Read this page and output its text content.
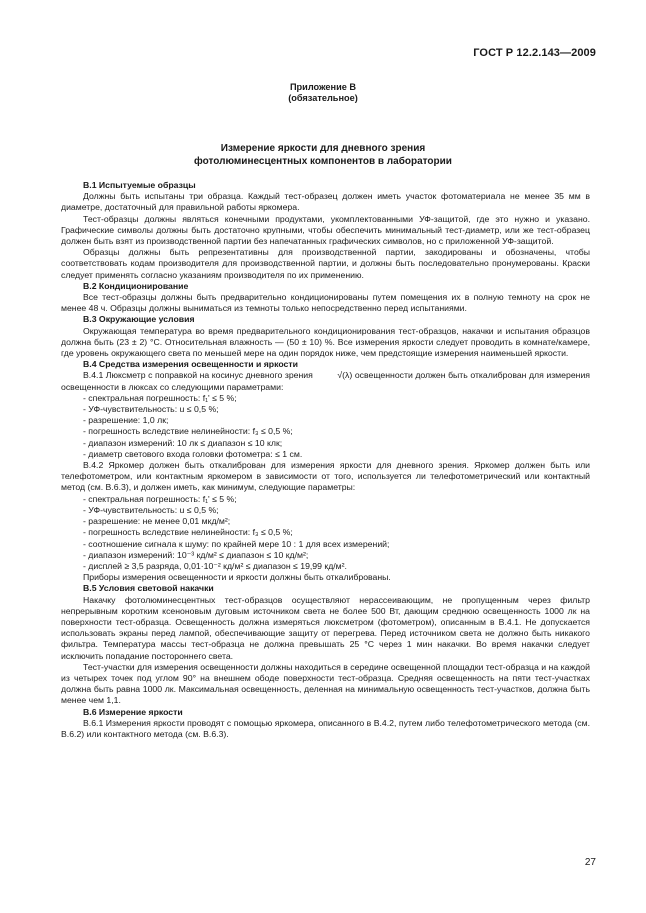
ГОСТ Р 12.2.143—2009
Приложение В
(обязательное)
Измерение яркости для дневного зрения
фотолюминесцентных компонентов в лаборатории

В.1 Испытуемые образцы

Должны быть испытаны три образца. Каждый тест-образец должен иметь участок фотоматериала не менее 35 мм в диаметре, достаточный для правильной работы яркомера.

Тест-образцы должны являться конечными продуктами, укомплектованными УФ-защитой, где это нужно и указано. Графические символы должны быть достаточно крупными, чтобы обеспечить минимальный тест-диаметр, или же тест-образец должен быть взят из производственной партии без напечатанных графических символов, но с приложенной УФ-защитой.

Образцы должны быть репрезентативны для производственной партии, закодированы и обозначены, чтобы соответствовать кодам производителя для производственной партии, и должны быть последовательно пронумерованы. Краски следует применять согласно указаниям производителя по их применению.

В.2 Кондиционирование

Все тест-образцы должны быть предварительно кондиционированы путем помещения их в полную темноту на срок не менее 48 ч. Образцы должны выниматься из темноты только непосредственно перед испытаниями.

В.3 Окружающие условия

Окружающая температура во время предварительного кондиционирования тест-образцов, накачки и испытания образцов должна быть (23 ± 2) °С. Относительная влажность — (50 ± 10) %. Все измерения яркости следует проводить в комнате/камере, где уровень окружающего света по меньшей мере на один порядок ниже, чем предстоящие измерения наименьшей яркости.

В.4 Средства измерения освещенности и яркости

В.4.1 Люксметр с поправкой на косинус дневного зрения	√(λ) освещенности должен быть откалиброван для измерения освещенности в люксах со следующими параметрами:

- спектральная погрешность: f₁' ≤ 5 %;

- УФ-чувствительность: u ≤ 0,5 %;

- разрешение: 1,0 лк;

- погрешность вследствие нелинейности: f₃ ≤ 0,5 %;

- диапазон измерений: 10 лк ≤ диапазон ≤ 10 клк;

- диаметр светового входа головки фотометра: ≤ 1 см.

В.4.2 Яркомер должен быть откалиброван для измерения яркости для дневного зрения. Яркомер должен быть или телефотометром, или контактным яркомером в зависимости от того, используется ли телефотометрический или контактный метод (см. В.6.3), и должен иметь, как минимум, следующие параметры:

- спектральная погрешность: f₁' ≤ 5 %;

- УФ-чувствительность: u ≤ 0,5 %;

- разрешение: не менее 0,01 мкд/м²;

- погрешность вследствие нелинейности: f₃ ≤ 0,5 %;

- соотношение сигнала к шуму: по крайней мере 10 : 1 для всех измерений;

- диапазон измерений: 10⁻³ кд/м² ≤ диапазон ≤ 10 кд/м²;

- дисплей ≥ 3,5 разряда, 0,01·10⁻² кд/м² ≤ диапазон ≤ 19,99 кд/м².

Приборы измерения освещенности и яркости должны быть откалиброваны.

В.5 Условия световой накачки

Накачку фотолюминесцентных тест-образцов осуществляют нерассеивающим, не пропущенным через фильтр непрерывным коротким ксеноновым дуговым источником света не более 500 Вт, дающим среднюю освещенность 1000 лк на поверхности тест-образца. Освещенность должна измеряться люксметром (фотометром), описанным в В.4.1. Не допускается использовать экраны перед лампой, обеспечивающие защиту от перегрева. Перед источником света не должно быть никакого фильтра. Температура массы тест-образца не должна превышать 25 °С через 1 мин накачки. Во время накачки следует исключить попадание постороннего света.

Тест-участки для измерения освещенности должны находиться в середине освещенной площадки тест-образца и на каждой из четырех точек под углом 90° на внешнем ободе поверхности тест-образца. Средняя освещенность на пяти тест-участках должна быть равна 1000 лк. Максимальная освещенность, деленная на минимальную освещенность тест-участков, должна быть менее чем 1,1.

В.6 Измерение яркости

В.6.1 Измерения яркости проводят с помощью яркомера, описанного в В.4.2, путем либо телефотометрического метода (см. В.6.2) или контактного метода (см. В.6.3).

27
